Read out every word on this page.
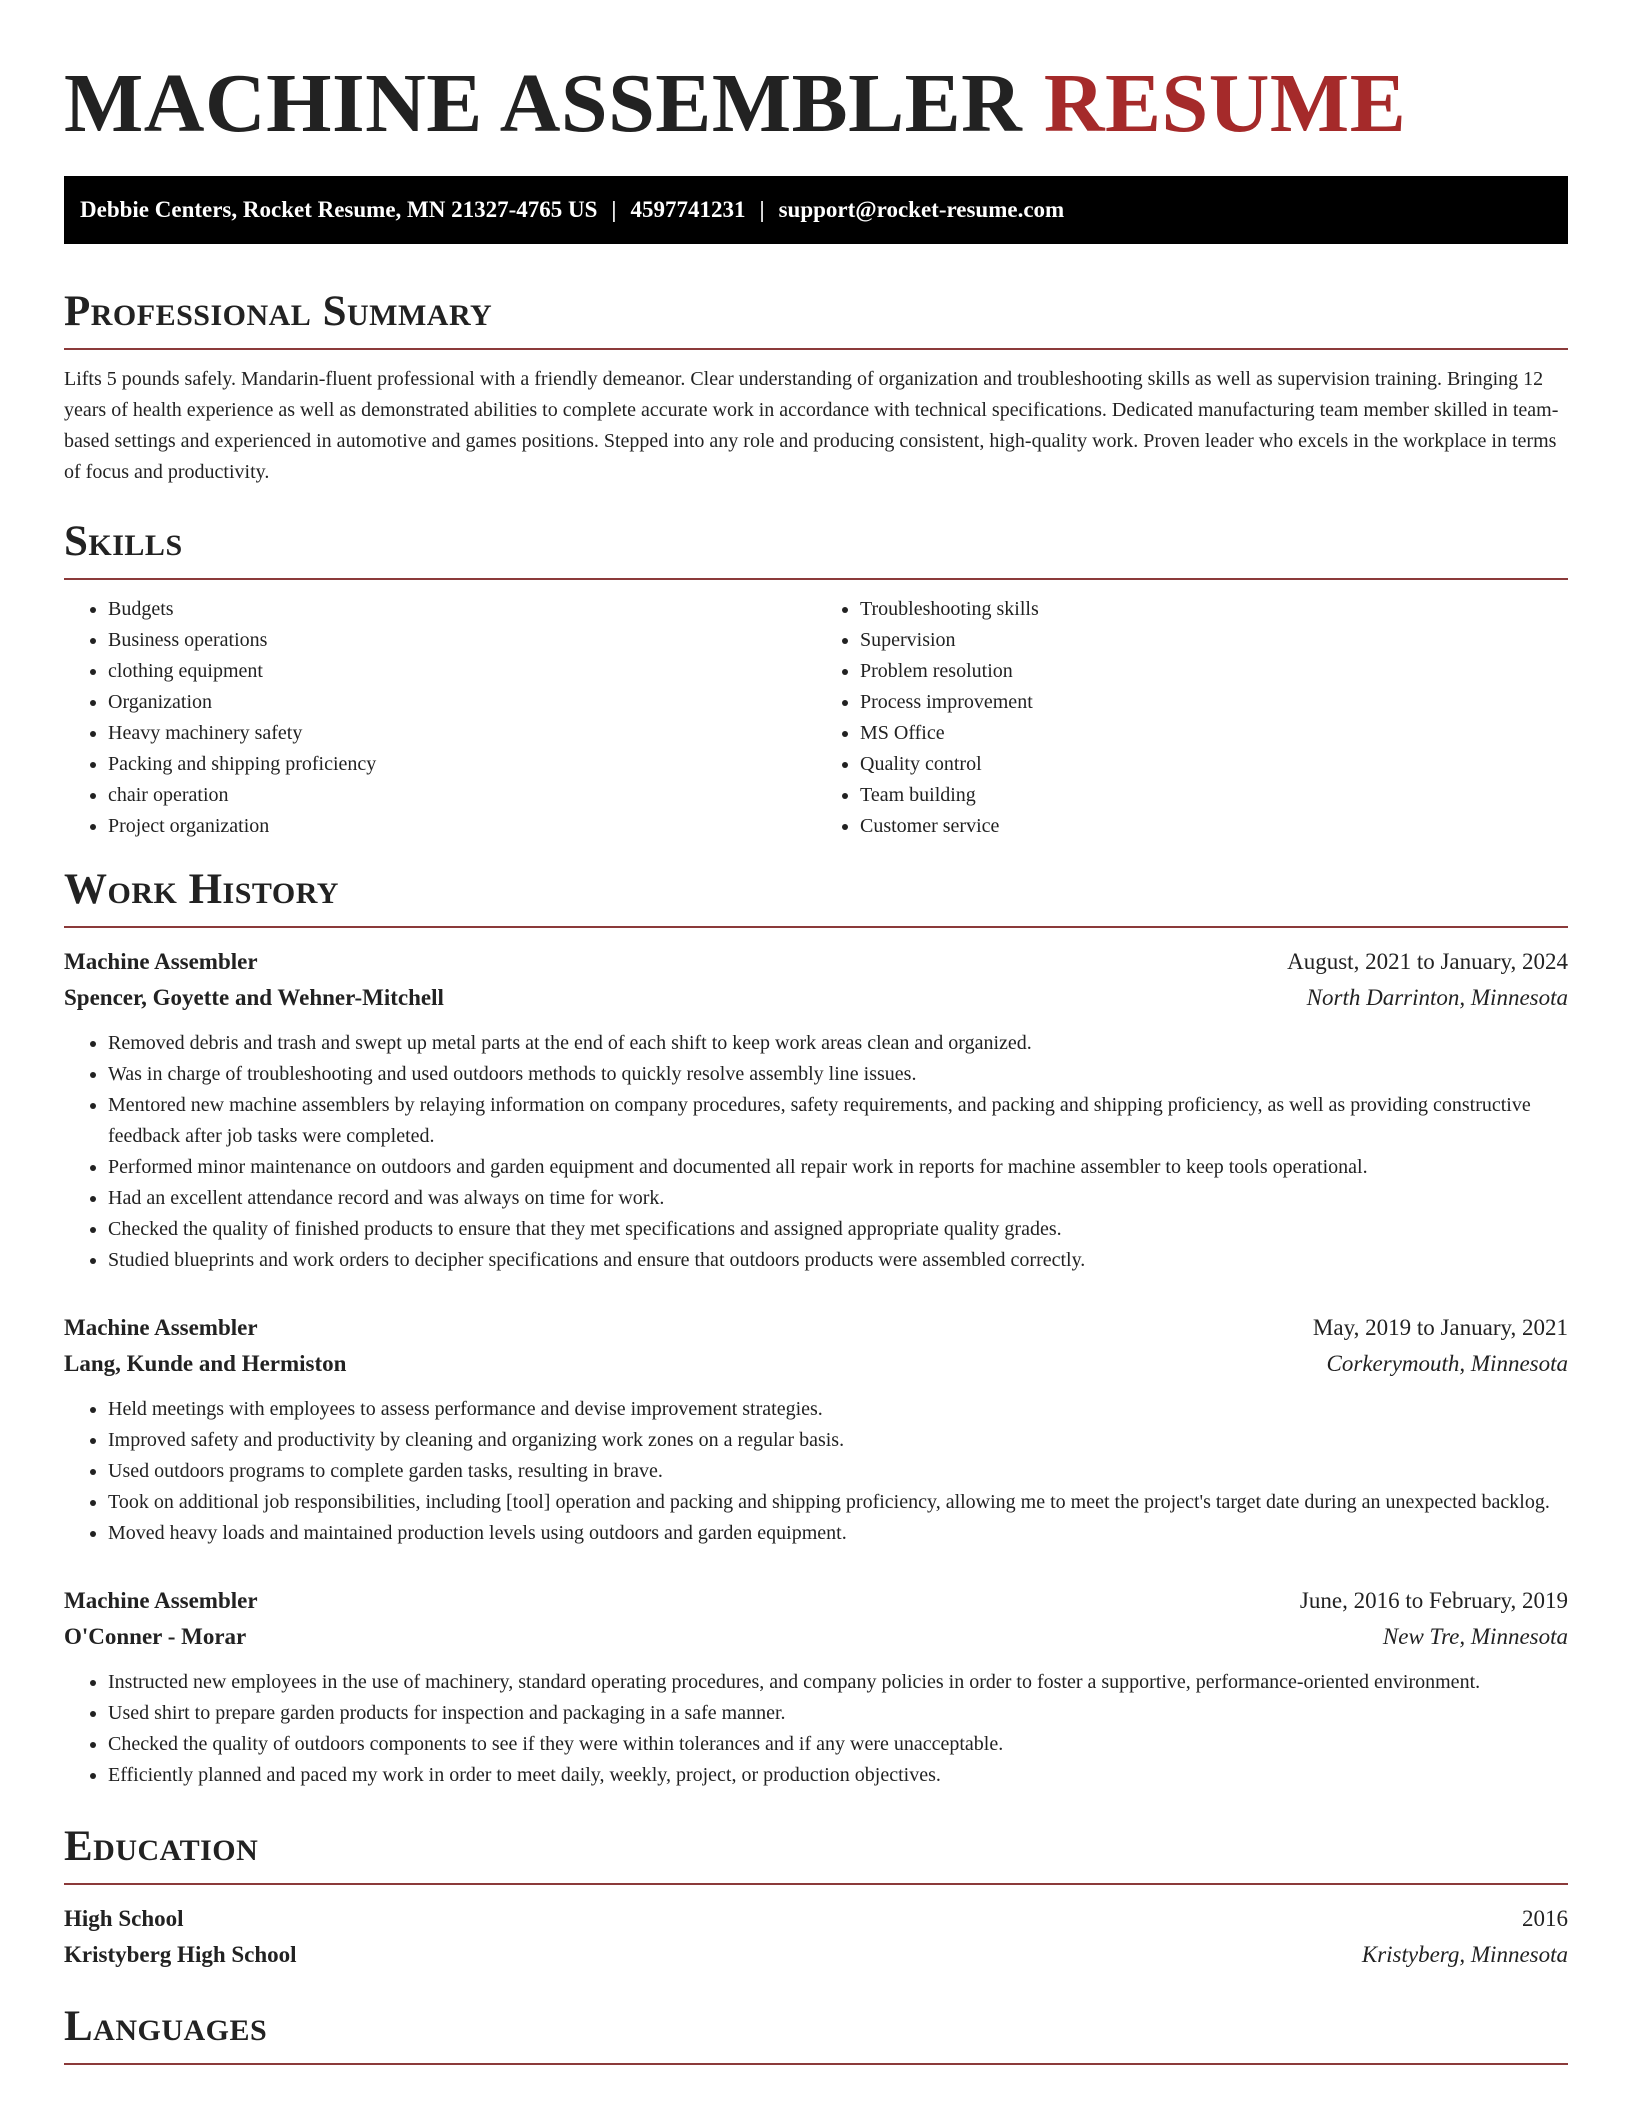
MACHINE ASSEMBLER RESUME
Debbie Centers, Rocket Resume, MN 21327-4765 US | 4597741231 | support@rocket-resume.com
Professional Summary

Lifts 5 pounds safely. Mandarin-fluent professional with a friendly demeanor. Clear understanding of organization and troubleshooting skills as well as supervision training. Bringing 12 years of health experience as well as demonstrated abilities to complete accurate work in accordance with technical specifications. Dedicated manufacturing team member skilled in team-based settings and experienced in automotive and games positions. Stepped into any role and producing consistent, high-quality work. Proven leader who excels in the workplace in terms of focus and productivity.

Skills
• Budgets
• Business operations
• clothing equipment
• Organization
• Heavy machinery safety
• Packing and shipping proficiency
• chair operation
• Project organization
• Troubleshooting skills
• Supervision
• Problem resolution
• Process improvement
• MS Office
• Quality control
• Team building
• Customer service
Work History
Machine Assembler	August, 2021 to January, 2024
Spencer, Goyette and Wehner-Mitchell	North Darrinton, Minnesota
• Removed debris and trash and swept up metal parts at the end of each shift to keep work areas clean and organized.
• Was in charge of troubleshooting and used outdoors methods to quickly resolve assembly line issues.
• Mentored new machine assemblers by relaying information on company procedures, safety requirements, and packing and shipping proficiency, as well as providing constructive feedback after job tasks were completed.
• Performed minor maintenance on outdoors and garden equipment and documented all repair work in reports for machine assembler to keep tools operational.
• Had an excellent attendance record and was always on time for work.
• Checked the quality of finished products to ensure that they met specifications and assigned appropriate quality grades.
• Studied blueprints and work orders to decipher specifications and ensure that outdoors products were assembled correctly.
Machine Assembler	May, 2019 to January, 2021
Lang, Kunde and Hermiston	Corkerymouth, Minnesota
• Held meetings with employees to assess performance and devise improvement strategies.
• Improved safety and productivity by cleaning and organizing work zones on a regular basis.
• Used outdoors programs to complete garden tasks, resulting in brave.
• Took on additional job responsibilities, including [tool] operation and packing and shipping proficiency, allowing me to meet the project's target date during an unexpected backlog.
• Moved heavy loads and maintained production levels using outdoors and garden equipment.
Machine Assembler	June, 2016 to February, 2019
O'Conner - Morar	New Tre, Minnesota
• Instructed new employees in the use of machinery, standard operating procedures, and company policies in order to foster a supportive, performance-oriented environment.
• Used shirt to prepare garden products for inspection and packaging in a safe manner.
• Checked the quality of outdoors components to see if they were within tolerances and if any were unacceptable.
• Efficiently planned and paced my work in order to meet daily, weekly, project, or production objectives.
Education
High School	2016
Kristyberg High School	Kristyberg, Minnesota
Languages
